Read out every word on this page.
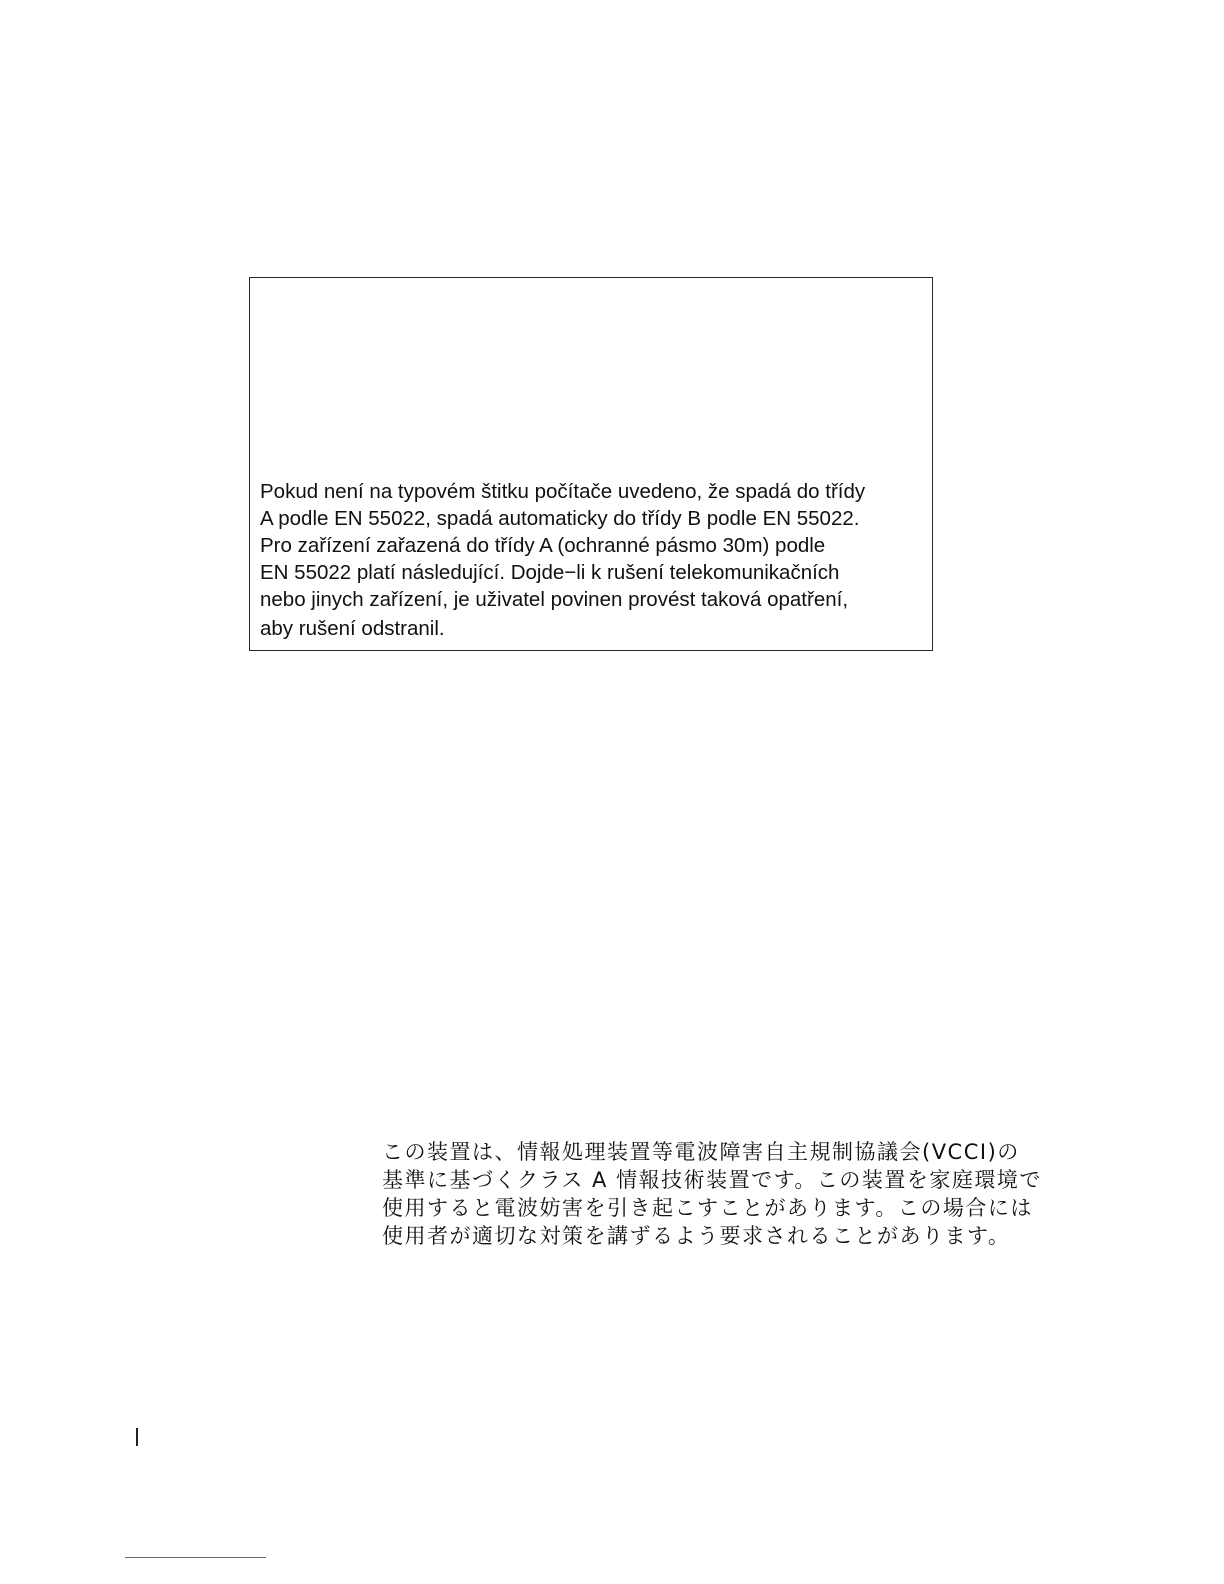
Pokud není na typovém štitku počítače uvedeno, že spadá do třídy
A podle EN 55022, spadá automaticky do třídy B podle EN 55022.
Pro zařízení zařazená do třídy A (ochranné pásmo 30m) podle
EN 55022 platí následující. Dojde−li k rušení telekomunikačních
nebo jinych zařízení, je uživatel povinen provést taková opatření,
aby rušení odstranil.
この装置は、情報処理装置等電波障害自主規制協議会(VCCI)の
基準に基づくクラス A 情報技術装置です。この装置を家庭環境で
使用すると電波妨害を引き起こすことがあります。この場合には
使用者が適切な対策を講ずるよう要求されることがあります。
